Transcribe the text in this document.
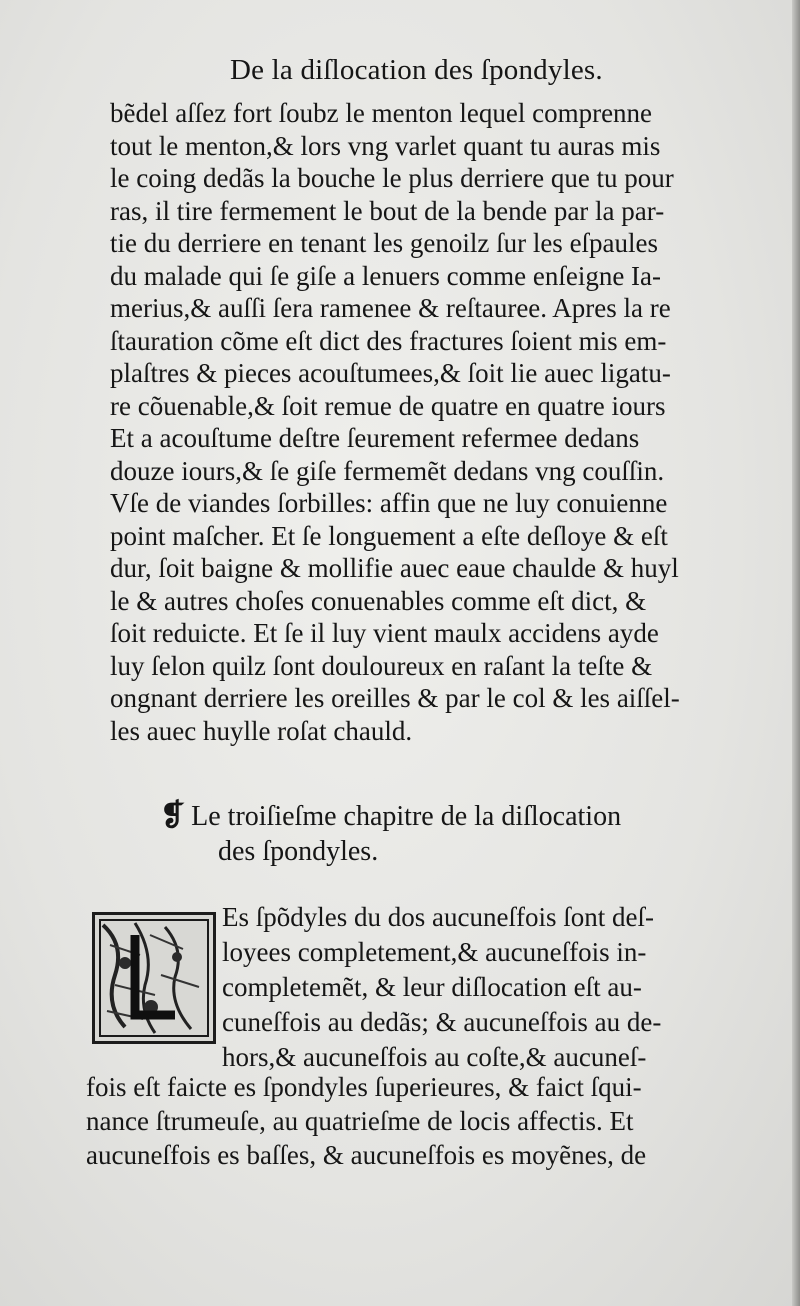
De la diſlocation des ſpondyles.
bẽdel aſſez fort ſoubz le menton lequel comprenne
tout le menton,& lors vng varlet quant tu auras mis
le coing dedãs la bouche le plus derriere que tu pour
ras, il tire fermement le bout de la bende par la par-
tie du derriere en tenant les genoilz ſur les eſpaules
du malade qui ſe giſe a lenuers comme enſeigne Ia-
merius,& auſſi ſera ramenee & reſtauree. Apres la re
ſtauration cõme eſt dict des fractures ſoient mis em-
plaſtres & pieces acouſtumees,& ſoit lie auec ligatu-
re cõuenable,& ſoit remue de quatre en quatre iours
Et a acouſtume deſtre ſeurement refermee dedans
douze iours,& ſe giſe fermemẽt dedans vng couſſin.
Vſe de viandes ſorbilles: affin que ne luy conuienne
point maſcher. Et ſe longuement a eſte deſloye & eſt
dur, ſoit baigne & mollifie auec eaue chaulde & huyl
le & autres choſes conuenables comme eſt dict, &
ſoit reduicte. Et ſe il luy vient maulx accidens ayde
luy ſelon quilz ſont douloureux en raſant la teſte &
ongnant derriere les oreilles & par le col & les aiſſel-
les auec huylle roſat chauld.
❡ Le troiſieſme chapitre de la diſlocation
des ſpondyles.
Es ſpõdyles du dos aucuneſfois ſont deſ-
loyees completement,& aucuneſfois in-
completemẽt, & leur diſlocation eſt au-
cuneſfois au dedãs; & aucuneſfois au de-
hors,& aucuneſfois au coſte,& aucuneſ-
fois eſt faicte es ſpondyles ſuperieures, & faict ſqui-
nance ſtrumeuſe, au quatrieſme de locis affectis. Et
aucuneſfois es baſſes, & aucuneſfois es moyẽnes, de
